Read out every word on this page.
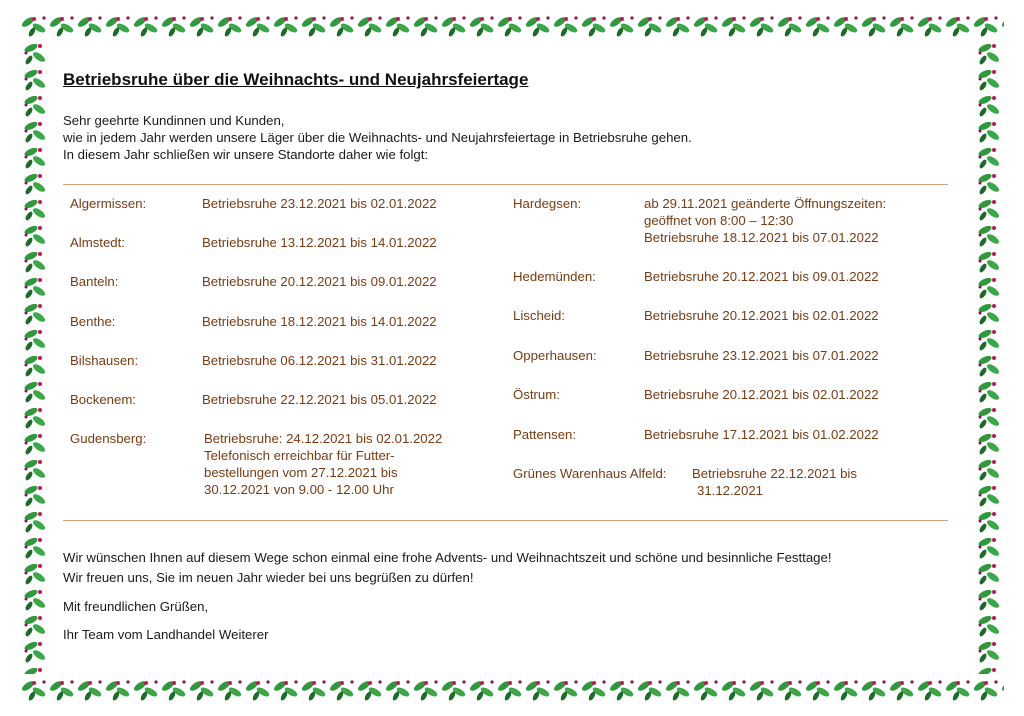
Betriebsruhe über die Weihnachts- und Neujahrsfeiertage
Sehr geehrte Kundinnen und Kunden,
wie in jedem Jahr werden unsere Läger über die Weihnachts- und Neujahrsfeiertage in Betriebsruhe gehen.
In diesem Jahr schließen wir unsere Standorte daher wie folgt:
Algermissen:	Betriebsruhe 23.12.2021 bis 02.01.2022
Almstedt:	Betriebsruhe 13.12.2021 bis 14.01.2022
Banteln:	Betriebsruhe 20.12.2021 bis 09.01.2022
Benthe:	Betriebsruhe 18.12.2021 bis 14.01.2022
Bilshausen:	Betriebsruhe 06.12.2021 bis 31.01.2022
Bockenem:	Betriebsruhe 22.12.2021 bis 05.01.2022
Gudensberg:	Betriebsruhe: 24.12.2021 bis 02.01.2022
Telefonisch erreichbar für Futter-
bestellungen vom 27.12.2021 bis
30.12.2021 von 9.00 - 12.00 Uhr
Hardegsen:	ab 29.11.2021 geänderte Öffnungszeiten:
geöffnet von 8:00 – 12:30
Betriebsruhe 18.12.2021 bis 07.01.2022
Hedemünden:	Betriebsruhe 20.12.2021 bis 09.01.2022
Lischeid:	Betriebsruhe 20.12.2021 bis 02.01.2022
Opperhausen:	Betriebsruhe 23.12.2021 bis 07.01.2022
Östrum:	Betriebsruhe 20.12.2021 bis 02.01.2022
Pattensen:	Betriebsruhe 17.12.2021 bis 01.02.2022
Grünes Warenhaus Alfeld: Betriebsruhe 22.12.2021 bis
31.12.2021
Wir wünschen Ihnen auf diesem Wege schon einmal eine frohe Advents- und Weihnachtszeit und schöne und besinnliche Festtage!
Wir freuen uns, Sie im neuen Jahr wieder bei uns begrüßen zu dürfen!
Mit freundlichen Grüßen,
Ihr Team vom Landhandel Weiterer
